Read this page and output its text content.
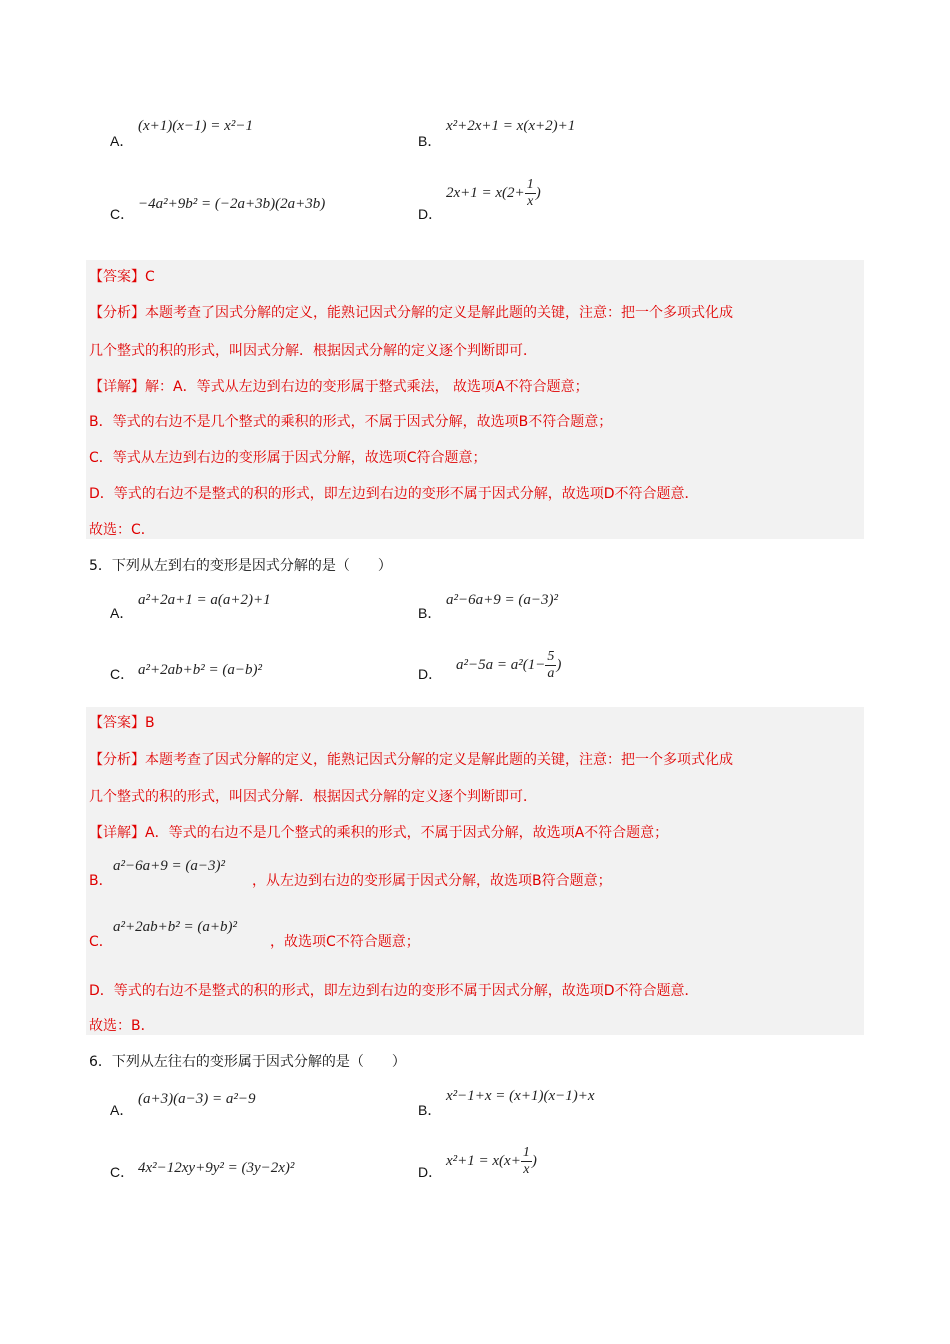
A．
(x+1)(x−1) = x²−1
B．
x²+2x+1 = x(x+2)+1
C．
−4a²+9b² = (−2a+3b)(2a+3b)
D．
$2x+1 = x(2+ \frac{1}{x}$ )
【答案】C
【分析】本题考查了因式分解的定义，能熟记因式分解的定义是解此题的关键，注意：把一个多项式化成
几个整式的积的形式，叫因式分解．根据因式分解的定义逐个判断即可．
【详解】解：A．等式从左边到右边的变形属于整式乘法， 故选项A不符合题意；
B．等式的右边不是几个整式的乘积的形式，不属于因式分解，故选项B不符合题意；
C．等式从左边到右边的变形属于因式分解，故选项C符合题意；
D．等式的右边不是整式的积的形式，即左边到右边的变形不属于因式分解，故选项D不符合题意．
故选：C．
5．下列从左到右的变形是因式分解的是（　　）
A．
a²+2a+1 = a(a+2)+1
B．
a²−6a+9 = (a−3)²
C． a²+2ab+b² = (a−b)²	D．
$a^2-5a = a^2(1- \frac{5}{a}$ )
【答案】B
【分析】本题考查了因式分解的定义，能熟记因式分解的定义是解此题的关键，注意：把一个多项式化成
几个整式的积的形式，叫因式分解．根据因式分解的定义逐个判断即可．
【详解】A．等式的右边不是几个整式的乘积的形式，不属于因式分解，故选项A不符合题意；
B．
a²−6a+9 = (a−3)²
，从左边到右边的变形属于因式分解，故选项B符合题意；
C．
a²+2ab+b² = (a+b)²
，故选项C不符合题意；
D．等式的右边不是整式的积的形式，即左边到右边的变形不属于因式分解，故选项D不符合题意．
故选：B．
6．下列从左往右的变形属于因式分解的是（　　）
A．
(a+3)(a−3) = a²−9
B．
x²−1+x = (x+1)(x−1)+x
C． 4x²−12xy+9y² = (3y−2x)²	D．
$x^2+1 = x(x+ \frac{1}{x}$ )
